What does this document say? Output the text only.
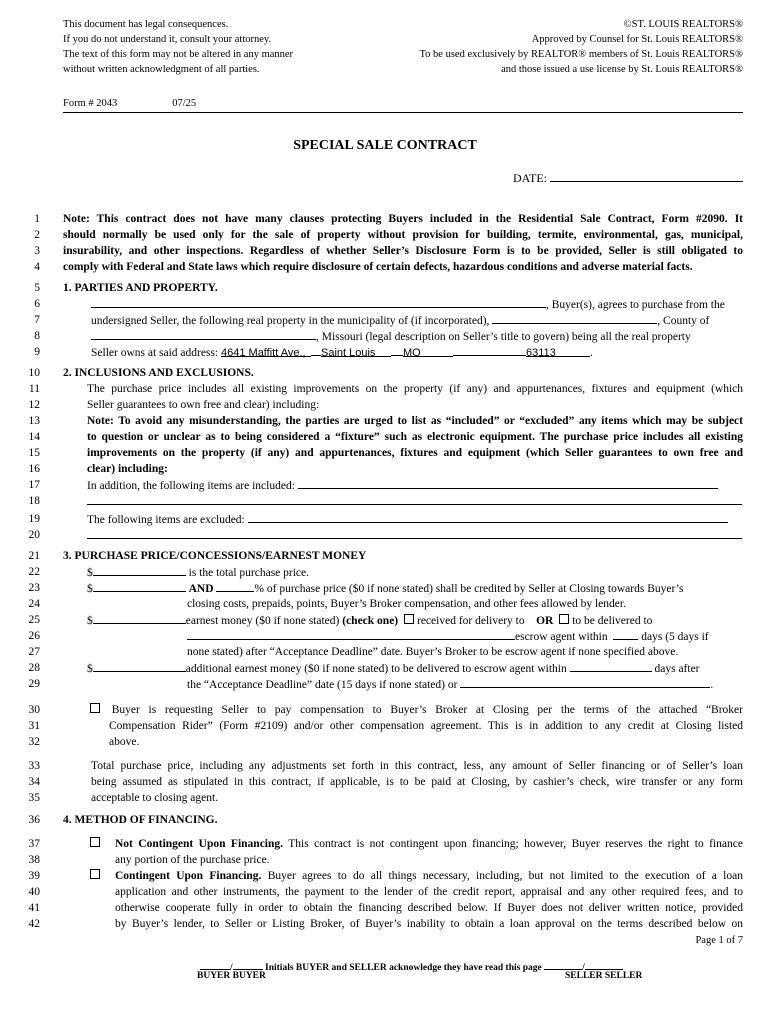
This document has legal consequences.
If you do not understand it, consult your attorney.
The text of this form may not be altered in any manner
without written acknowledgment of all parties.
©ST. LOUIS REALTORS®
Approved by Counsel for St. Louis REALTORS®
To be used exclusively by REALTOR® members of St. Louis REALTORS®
and those issued a use license by St. Louis REALTORS®
Form # 2043	07/25
SPECIAL SALE CONTRACT
DATE:
1 Note: This contract does not have many clauses protecting Buyers included in the Residential Sale Contract, Form #2090. It
2 should normally be used only for the sale of property without provision for building, termite, environmental, gas, municipal,
3 insurability, and other inspections. Regardless of whether Seller’s Disclosure Form is to be provided, Seller is still obligated to
4 comply with Federal and State laws which require disclosure of certain defects, hazardous conditions and adverse material facts.
5 1. PARTIES AND PROPERTY.
6	, Buyer(s), agrees to purchase from the
7	undersigned Seller, the following real property in the municipality of (if incorporated),	, County of
8	, Missouri (legal description on Seller’s title to govern) being all the real property
9	Seller owns at said address: 4641 Maffitt Ave., Saint Louis	MO	63113	.
10 2. INCLUSIONS AND EXCLUSIONS.
11	The purchase price includes all existing improvements on the property (if any) and appurtenances, fixtures and equipment (which
12	Seller guarantees to own free and clear) including:
13	Note: To avoid any misunderstanding, the parties are urged to list as “included” or “excluded” any items which may be subject
14	to question or unclear as to being considered a “fixture” such as electronic equipment. The purchase price includes all existing
15	improvements on the property (if any) and appurtenances, fixtures and equipment (which Seller guarantees to own free and
16	clear) including:
17	In addition, the following items are included:
18
19	The following items are excluded:
20
21 3. PURCHASE PRICE/CONCESSIONS/EARNEST MONEY
22	$	is the total purchase price.
23	$	AND	% of purchase price ($0 if none stated) shall be credited by Seller at Closing towards Buyer’s
24	closing costs, prepaids, points, Buyer’s Broker compensation, and other fees allowed by lender.
25	$	earnest money ($0 if none stated) (check one) received for delivery to OR to be delivered to
26	escrow agent within	days (5 days if
27	none stated) after “Acceptance Deadline” date. Buyer’s Broker to be escrow agent if none specified above.
28	$	additional earnest money ($0 if none stated) to be delivered to escrow agent within	days after
29	the “Acceptance Deadline” date (15 days if none stated) or	.
30	Buyer is requesting Seller to pay compensation to Buyer’s Broker at Closing per the terms of the attached “Broker
31	Compensation Rider” (Form #2109) and/or other compensation agreement. This is in addition to any credit at Closing listed
32	above.
33	Total purchase price, including any adjustments set forth in this contract, less, any amount of Seller financing or of Seller’s loan
34	being assumed as stipulated in this contract, if applicable, is to be paid at Closing, by cashier’s check, wire transfer or any form
35	acceptable to closing agent.
36 4. METHOD OF FINANCING.
37	Not Contingent Upon Financing. This contract is not contingent upon financing; however, Buyer reserves the right to finance
38	any portion of the purchase price.
39	Contingent Upon Financing. Buyer agrees to do all things necessary, including, but not limited to the execution of a loan
40	application and other instruments, the payment to the lender of the credit report, appraisal and any other required fees, and to
41	otherwise cooperate fully in order to obtain the financing described below. If Buyer does not deliver written notice, provided
42	by Buyer’s lender, to Seller or Listing Broker, of Buyer’s inability to obtain a loan approval on the terms described below on
Page 1 of 7
/	Initials BUYER and SELLER acknowledge they have read this page	/
BUYER BUYER	SELLER SELLER
